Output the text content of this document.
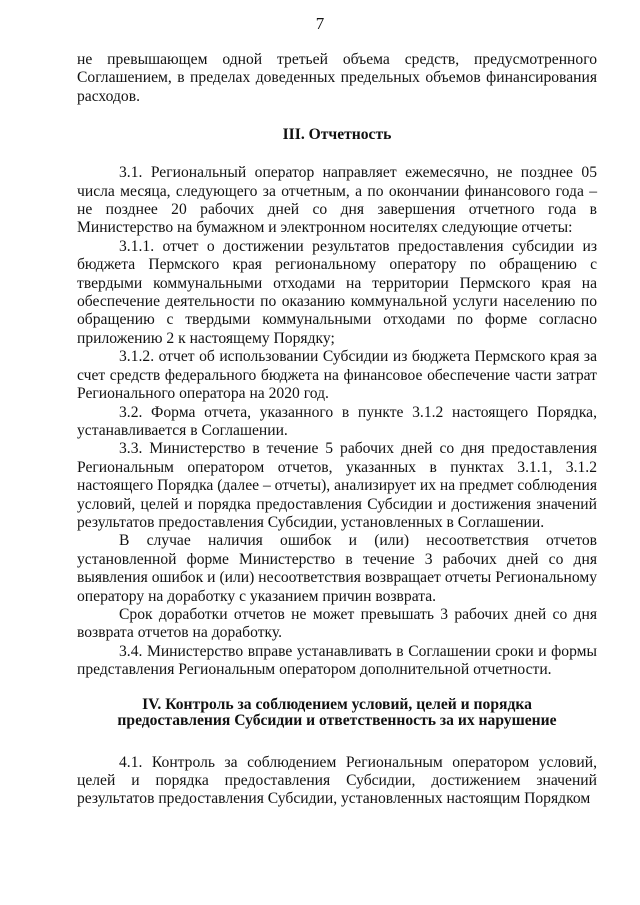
7

не превышающем одной третьей объема средств, предусмотренного Соглашением, в пределах доведенных предельных объемов финансирования расходов.

III. Отчетность

3.1. Региональный оператор направляет ежемесячно, не позднее 05 числа месяца, следующего за отчетным, а по окончании финансового года – не позднее 20 рабочих дней со дня завершения отчетного года в Министерство на бумажном и электронном носителях следующие отчеты:

3.1.1. отчет о достижении результатов предоставления субсидии из бюджета Пермского края региональному оператору по обращению с твердыми коммунальными отходами на территории Пермского края на обеспечение деятельности по оказанию коммунальной услуги населению по обращению с твердыми коммунальными отходами по форме согласно приложению 2 к настоящему Порядку;

3.1.2. отчет об использовании Субсидии из бюджета Пермского края за счет средств федерального бюджета на финансовое обеспечение части затрат Регионального оператора на 2020 год.

3.2. Форма отчета, указанного в пункте 3.1.2 настоящего Порядка, устанавливается в Соглашении.

3.3. Министерство в течение 5 рабочих дней со дня предоставления Региональным оператором отчетов, указанных в пунктах 3.1.1, 3.1.2 настоящего Порядка (далее – отчеты), анализирует их на предмет соблюдения условий, целей и порядка предоставления Субсидии и достижения значений результатов предоставления Субсидии, установленных в Соглашении.

В случае наличия ошибок и (или) несоответствия отчетов установленной форме Министерство в течение 3 рабочих дней со дня выявления ошибок и (или) несоответствия возвращает отчеты Региональному оператору на доработку с указанием причин возврата.

Срок доработки отчетов не может превышать 3 рабочих дней со дня возврата отчетов на доработку.

3.4. Министерство вправе устанавливать в Соглашении сроки и формы представления Региональным оператором дополнительной отчетности.

IV. Контроль за соблюдением условий, целей и порядка

предоставления Субсидии и ответственность за их нарушение

4.1. Контроль за соблюдением Региональным оператором условий, целей и порядка предоставления Субсидии, достижением значений результатов предоставления Субсидии, установленных настоящим Порядком
